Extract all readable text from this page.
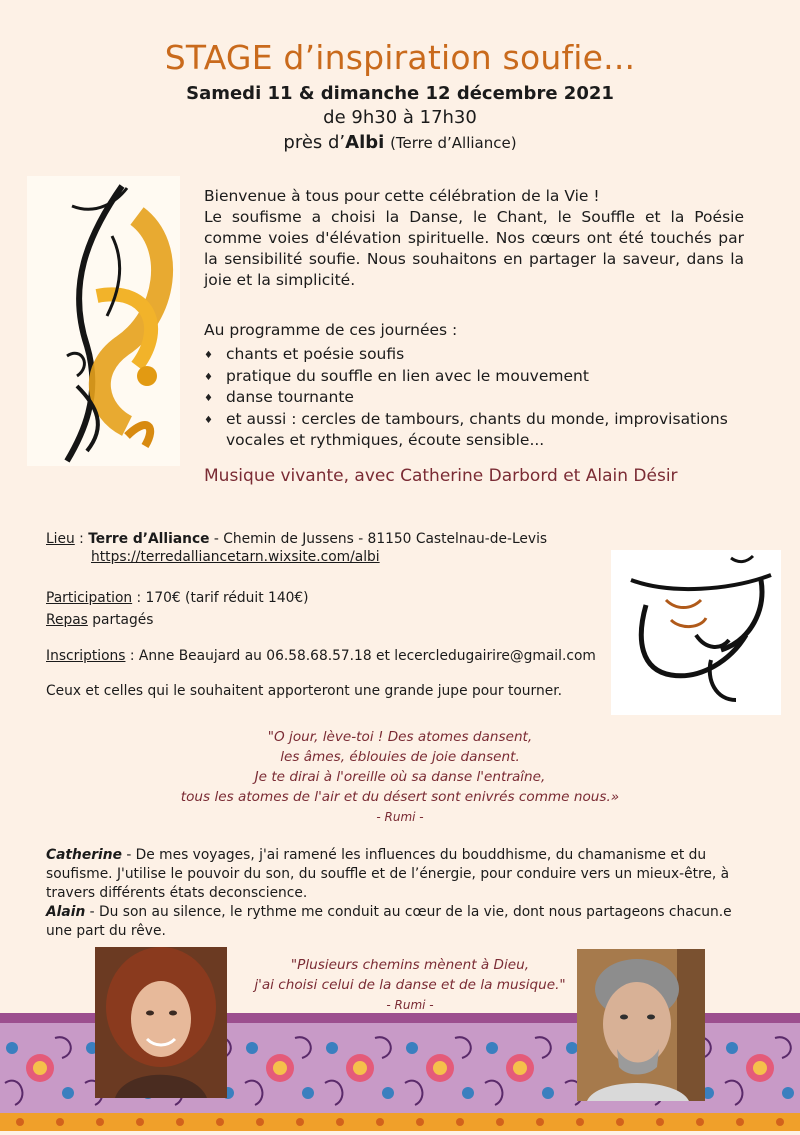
STAGE d’inspiration soufie...
Samedi 11 & dimanche 12 décembre 2021
de 9h30 à 17h30
près d’Albi (Terre d’Alliance)
Bienvenue à tous pour cette célébration de la Vie !
Le soufisme a choisi la Danse, le Chant, le Souffle et la Poésie comme voies d'élévation spirituelle. Nos cœurs ont été touchés par la sensibilité soufie. Nous souhaitons en partager la saveur, dans la joie et la simplicité.
Au programme de ces journées :
♦ chants et poésie soufis
♦ pratique du souffle en lien avec le mouvement
♦ danse tournante
♦ et aussi : cercles de tambours, chants du monde, improvisations vocales et rythmiques, écoute sensible...
Musique vivante, avec Catherine Darbord et Alain Désir
Lieu : Terre d’Alliance - Chemin de Jussens - 81150 Castelnau-de-Levis
https://terredalliancetarn.wixsite.com/albi
Participation : 170€ (tarif réduit 140€)
Repas partagés
Inscriptions : Anne Beaujard au 06.58.68.57.18 et lecercledugairire@gmail.com
Ceux et celles qui le souhaitent apporteront une grande jupe pour tourner.
"O jour, lève-toi ! Des atomes dansent,
les âmes, éblouies de joie dansent.
Je te dirai à l'oreille où sa danse l'entraîne,
tous les atomes de l'air et du désert sont enivrés comme nous.»
- Rumi -
Catherine - De mes voyages, j'ai ramené les influences du bouddhisme, du chamanisme et du soufisme. J'utilise le pouvoir du son, du souffle et de l’énergie, pour conduire vers un mieux-être, à travers différents états deconscience.
Alain - Du son au silence, le rythme me conduit au cœur de la vie, dont nous partageons chacun.e une part du rêve.
"Plusieurs chemins mènent à Dieu,
j'ai choisi celui de la danse et de la musique."
- Rumi -
